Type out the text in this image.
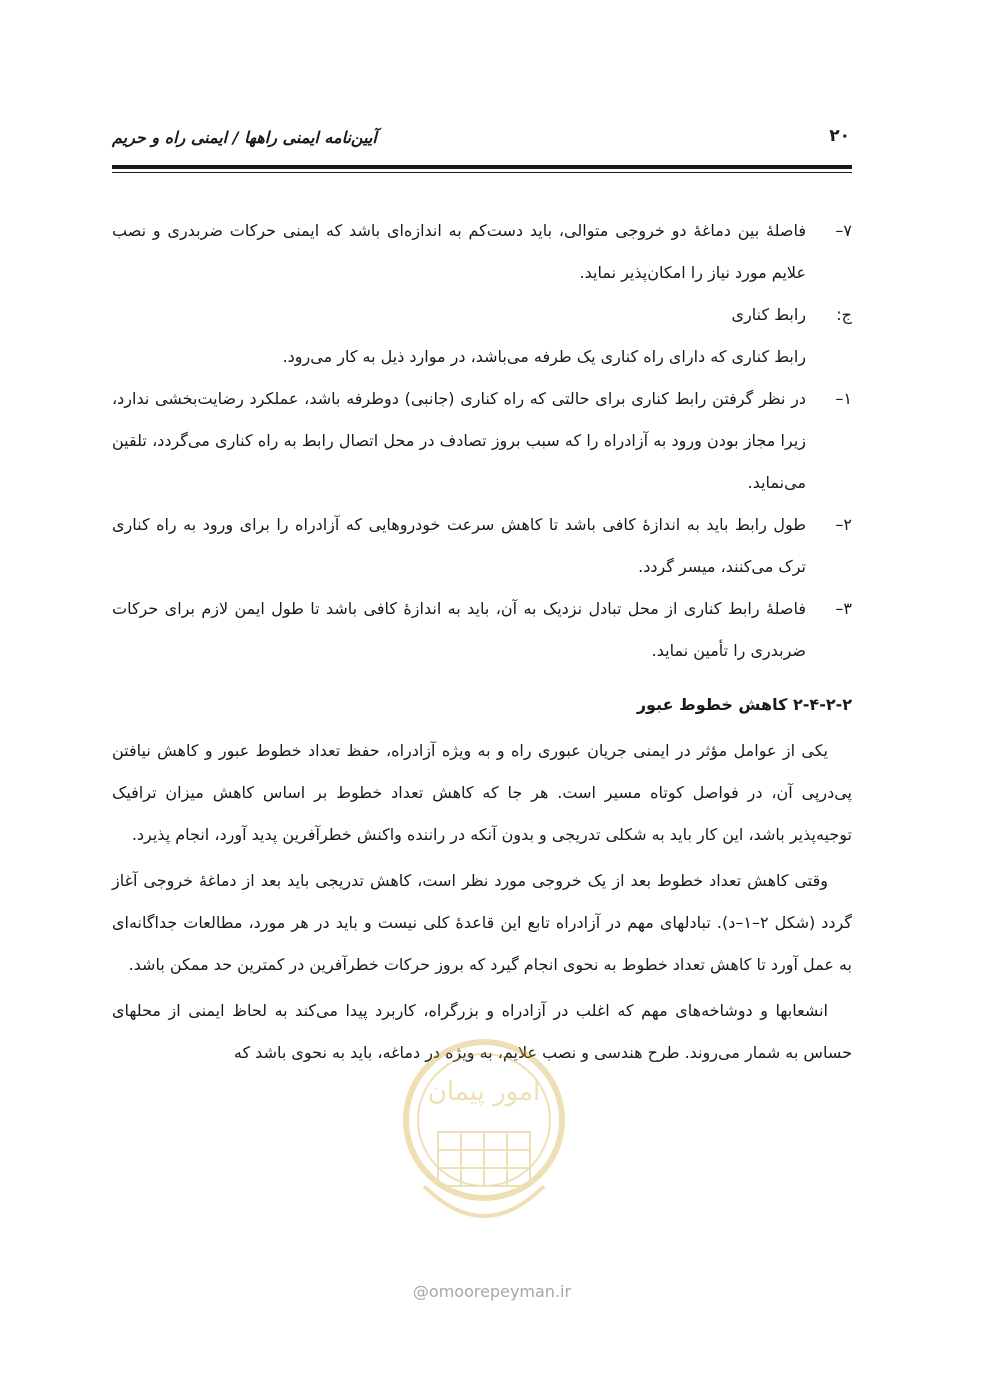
آیین‌نامه ایمنی راهها / ایمنی راه و حریم	۲۰
۷–
فاصلهٔ بین دماغهٔ دو خروجی متوالی، باید دست‌کم به اندازه‌ای باشد که ایمنی حرکات ضربدری و نصب علایم مورد نیاز را امکان‌پذیر نماید.
ج:
رابط کناری

رابط کناری که دارای راه کناری یک طرفه می‌باشد، در موارد ذیل به کار می‌رود.

۱–
در نظر گرفتن رابط کناری برای حالتی که راه کناری (جانبی) دوطرفه باشد، عملکرد رضایت‌بخشی ندارد، زیرا مجاز بودن ورود به آزادراه را که سبب بروز تصادف در محل اتصال رابط به راه کناری می‌گردد، تلقین می‌نماید.
۲–
طول رابط باید به اندازهٔ کافی باشد تا کاهش سرعت خودروهایی که آزادراه را برای ورود به راه کناری ترک می‌کنند، میسر گردد.
۳–
فاصلهٔ رابط کناری از محل تبادل نزدیک به آن، باید به اندازهٔ کافی باشد تا طول ایمن لازم برای حرکات ضربدری را تأمین نماید.

۲-۴-۲-۲ کاهش خطوط عبور

یکی از عوامل مؤثر در ایمنی جریان عبوری راه و به ویژه آزادراه، حفظ تعداد خطوط عبور و کاهش نیافتن پی‌درپی آن، در فواصل کوتاه مسیر است. هر جا که کاهش تعداد خطوط بر اساس کاهش میزان ترافیک توجیه‌پذیر باشد، این کار باید به شکلی تدریجی و بدون آنکه در راننده واکنش خطرآفرین پدید آورد، انجام پذیرد.

وقتی کاهش تعداد خطوط بعد از یک خروجی مورد نظر است، کاهش تدریجی باید بعد از دماغهٔ خروجی آغاز گردد (شکل ۲–۱–د). تبادلهای مهم در آزادراه تابع این قاعدهٔ کلی نیست و باید در هر مورد، مطالعات جداگانه‌ای به عمل آورد تا کاهش تعداد خطوط به نحوی انجام گیرد که بروز حرکات خطرآفرین در کمترین حد ممکن باشد.

انشعابها و دوشاخه‌های مهم که اغلب در آزادراه و بزرگراه، کاربرد پیدا می‌کند به لحاظ ایمنی از محلهای حساس به شمار می‌روند. طرح هندسی و نصب علایم، به ویژه در دماغه، باید به نحوی باشد که

امور پیمان
@omoorepeyman.ir
